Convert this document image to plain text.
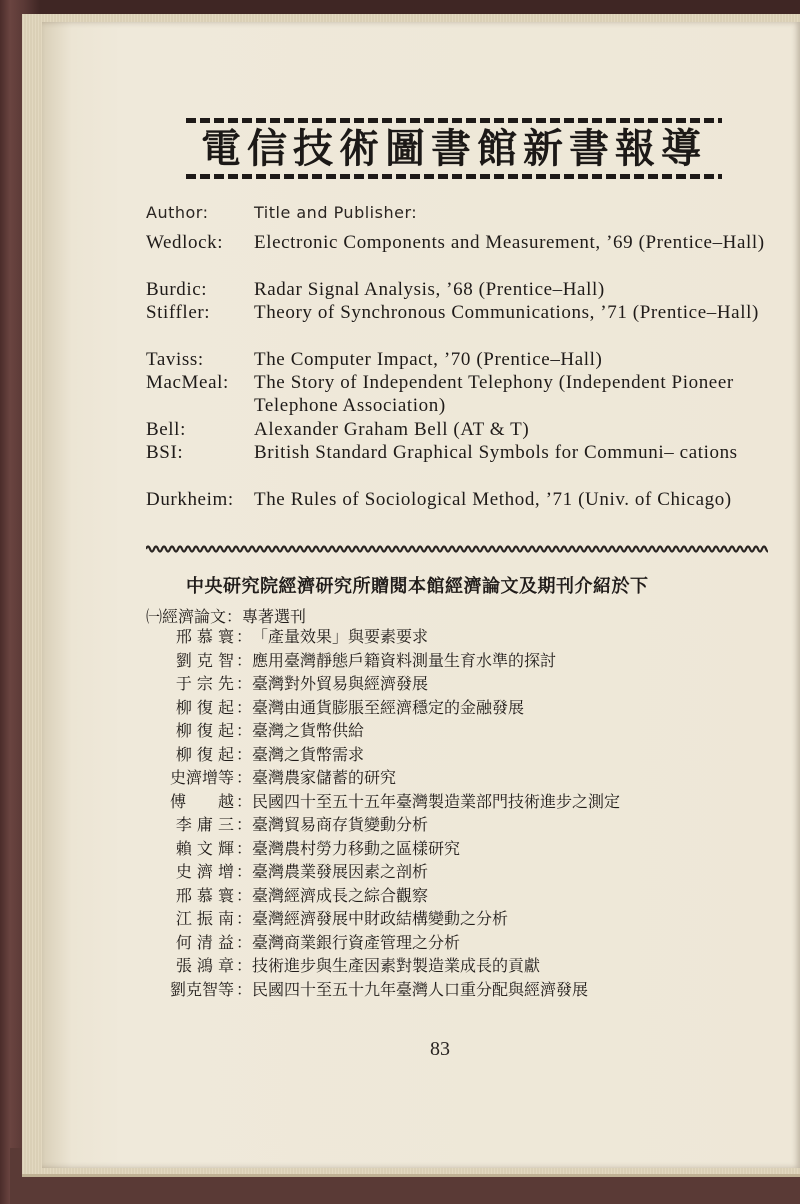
電信技術圖書館新書報導
Author:	Title and Publisher:
Wedlock:	Electronic Components and Measurement, ’69 (Prentice–Hall)
Burdic:	Radar Signal Analysis, ’68 (Prentice–Hall)
Stiffler:	Theory of Synchronous Communications, ’71 (Prentice–Hall)
Taviss:	The Computer Impact, ’70 (Prentice–Hall)
MacMeal:	The Story of Independent Telephony (Independent Pioneer Telephone Association)
Bell:	Alexander Graham Bell (AT & T)
BSI:	British Standard Graphical Symbols for Communi– cations
Durkheim:	The Rules of Sociological Method, ’71 (Univ. of Chicago)
中央研究院經濟研究所贈閱本館經濟論文及期刊介紹於下
㈠經濟論文：專著選刊
邢 慕 寰 ： 「產量效果」與要素要求
劉 克 智 ： 應用臺灣靜態戶籍資料測量生育水準的探討
于 宗 先 ： 臺灣對外貿易與經濟發展
柳 復 起 ： 臺灣由通貨膨脹至經濟穩定的金融發展
柳 復 起 ： 臺灣之貨幣供給
柳 復 起 ： 臺灣之貨幣需求
史濟增等 ： 臺灣農家儲蓄的研究
傅　　越 ： 民國四十至五十五年臺灣製造業部門技術進步之測定
李 庸 三 ： 臺灣貿易商存貨變動分析
賴 文 輝 ： 臺灣農村勞力移動之區樣研究
史 濟 增 ： 臺灣農業發展因素之剖析
邢 慕 寰 ： 臺灣經濟成長之綜合觀察
江 振 南 ： 臺灣經濟發展中財政結構變動之分析
何 清 益 ： 臺灣商業銀行資產管理之分析
張 鴻 章 ： 技術進步與生產因素對製造業成長的貢獻
劉克智等 ： 民國四十至五十九年臺灣人口重分配與經濟發展
83
